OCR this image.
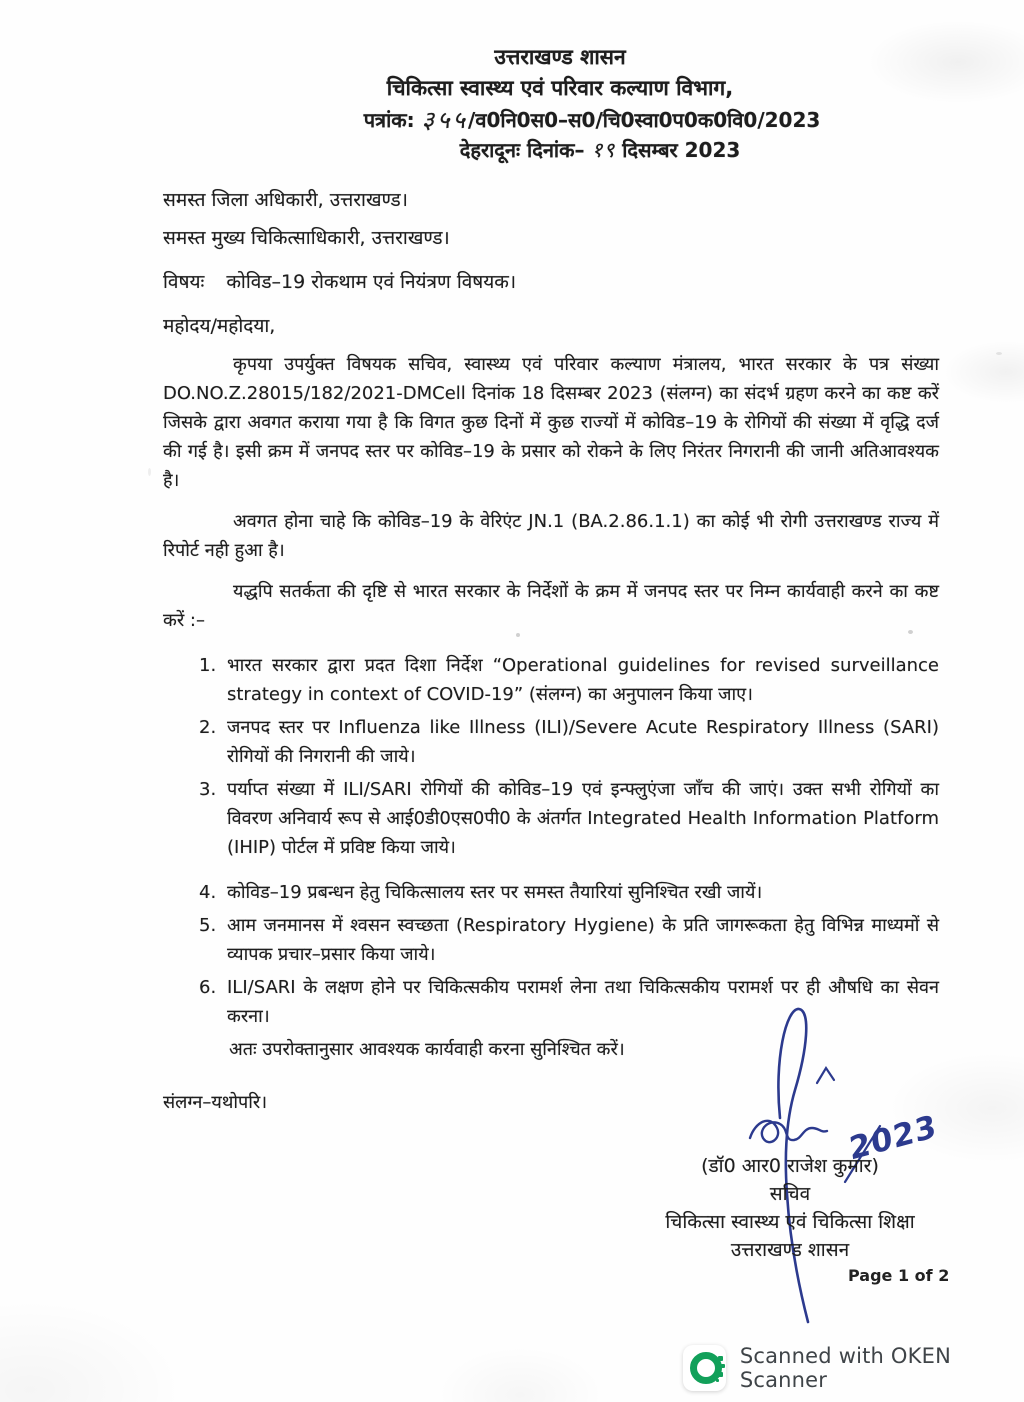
उत्तराखण्ड शासन
चिकित्सा स्वास्थ्य एवं परिवार कल्याण विभाग,
पत्रांक: ३५५/व0नि0स0–स0/चि0स्वा0प0क0वि0/2023
देहरादूनः दिनांक– १९ दिसम्बर 2023
समस्त जिला अधिकारी, उत्तराखण्ड।
समस्त मुख्य चिकित्साधिकारी, उत्तराखण्ड।
विषयः कोविड–19 रोकथाम एवं नियंत्रण विषयक।
महोदय/महोदया,

कृपया उपर्युक्त विषयक सचिव, स्वास्थ्य एवं परिवार कल्याण मंत्रालय, भारत सरकार के पत्र संख्या DO.NO.Z.28015/182/2021-DMCell दिनांक 18 दिसम्बर 2023 (संलग्न) का संदर्भ ग्रहण करने का कष्ट करें जिसके द्वारा अवगत कराया गया है कि विगत कुछ दिनों में कुछ राज्यों में कोविड–19 के रोगियों की संख्या में वृद्धि दर्ज की गई है। इसी क्रम में जनपद स्तर पर कोविड–19 के प्रसार को रोकने के लिए निरंतर निगरानी की जानी अतिआवश्यक है।

अवगत होना चाहे कि कोविड–19 के वेरिएंट JN.1 (BA.2.86.1.1) का कोई भी रोगी उत्तराखण्ड राज्य में रिपोर्ट नही हुआ है।

यद्धपि सतर्कता की दृष्टि से भारत सरकार के निर्देशों के क्रम में जनपद स्तर पर निम्न कार्यवाही करने का कष्ट करें :–

1. भारत सरकार द्वारा प्रदत दिशा निर्देश “Operational guidelines for revised surveillance strategy in context of COVID-19” (संलग्न) का अनुपालन किया जाए।
2. जनपद स्तर पर Influenza like Illness (ILI)/Severe Acute Respiratory Illness (SARI) रोगियों की निगरानी की जाये।
3. पर्याप्त संख्या में ILI/SARI रोगियों की कोविड–19 एवं इन्फ्लुएंजा जाँच की जाएं। उक्त सभी रोगियों का विवरण अनिवार्य रूप से आई0डी0एस0पी0 के अंतर्गत Integrated Health Information Platform (IHIP) पोर्टल में प्रविष्ट किया जाये।
4. कोविड–19 प्रबन्धन हेतु चिकित्सालय स्तर पर समस्त तैयारियां सुनिश्चित रखी जायें।
5. आम जनमानस में श्वसन स्वच्छता (Respiratory Hygiene) के प्रति जागरूकता हेतु विभिन्न माध्यमों से व्यापक प्रचार–प्रसार किया जाये।
6. ILI/SARI के लक्षण होने पर चिकित्सकीय परामर्श लेना तथा चिकित्सकीय परामर्श पर ही औषधि का सेवन करना।
अतः उपरोक्तानुसार आवश्यक कार्यवाही करना सुनिश्चित करें।
संलग्न–यथोपरि।
2023
(डॉ0 आर0 राजेश कुमार)
सचिव
चिकित्सा स्वास्थ्य एवं चिकित्सा शिक्षा
उत्तराखण्ड शासन
Page 1 of 2
Scanned with OKEN Scanner
